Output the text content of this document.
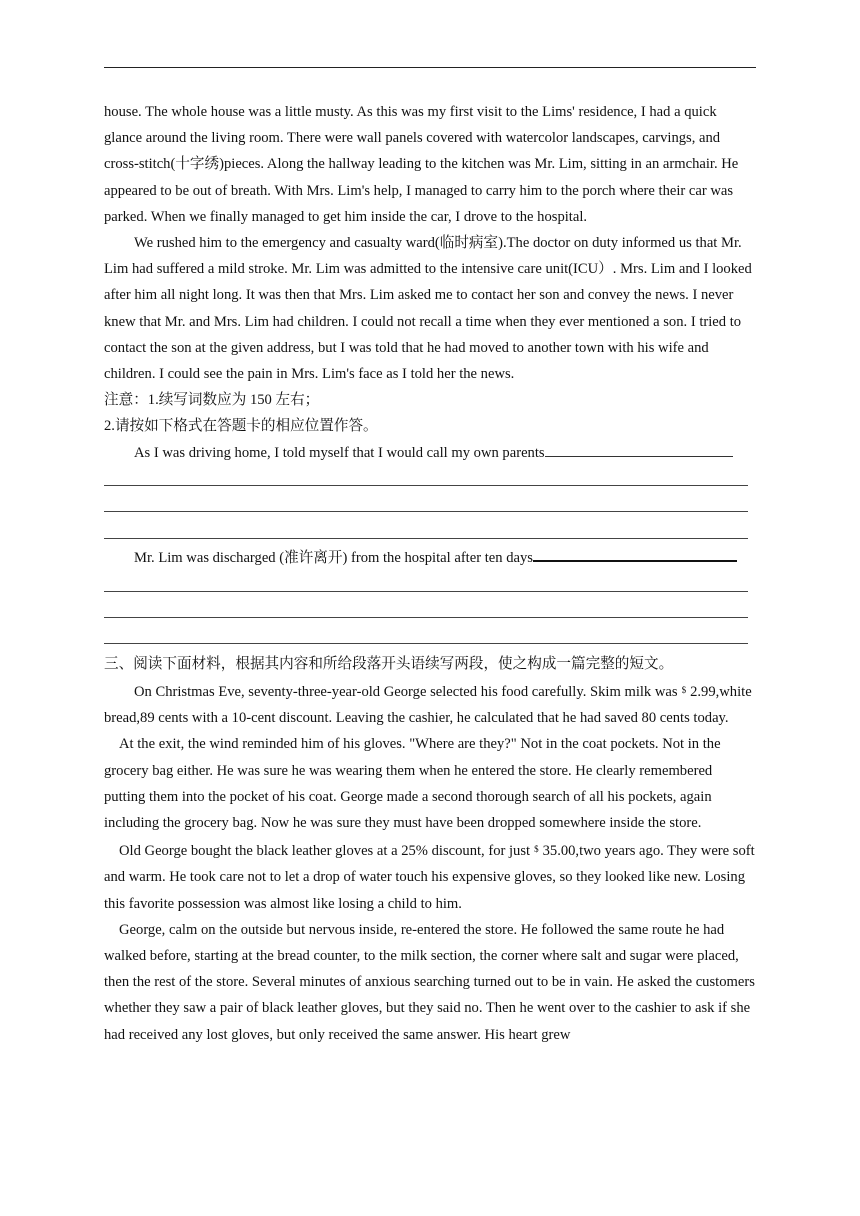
house. The whole house was a little musty. As this was my first visit to the Lims' residence, I had a quick glance around the living room. There were wall panels covered with watercolor landscapes, carvings, and cross-stitch(十字绣)pieces. Along the hallway leading to the kitchen was Mr. Lim, sitting in an armchair. He appeared to be out of breath. With Mrs. Lim's help, I managed to carry him to the porch where their car was parked. When we finally managed to get him inside the car, I drove to the hospital.

We rushed him to the emergency and casualty ward(临时病室).The doctor on duty informed us that Mr. Lim had suffered a mild stroke. Mr. Lim was admitted to the intensive care unit(ICU）. Mrs. Lim and I looked after him all night long. It was then that Mrs. Lim asked me to contact her son and convey the news. I never knew that Mr. and Mrs. Lim had children. I could not recall a time when they ever mentioned a son. I tried to contact the son at the given address, but I was told that he had moved to another town with his wife and children. I could see the pain in Mrs. Lim's face as I told her the news.

注意：1.续写词数应为 150 左右；

2.请按如下格式在答题卡的相应位置作答。

As I was driving home, I told myself that I would call my own parents
Mr. Lim was discharged (准许离开) from the hospital after ten days

三、阅读下面材料，根据其内容和所给段落开头语续写两段，使之构成一篇完整的短文。

On Christmas Eve, seventy-three-year-old George selected his food carefully. Skim milk was $ 2.99,white bread,89 cents with a 10-cent discount. Leaving the cashier, he calculated that he had saved 80 cents today.

At the exit, the wind reminded him of his gloves. "Where are they?" Not in the coat pockets. Not in the grocery bag either. He was sure he was wearing them when he entered the store. He clearly remembered putting them into the pocket of his coat. George made a second thorough search of all his pockets, again including the grocery bag. Now he was sure they must have been dropped somewhere inside the store.

Old George bought the black leather gloves at a 25% discount, for just $ 35.00,two years ago. They were soft and warm. He took care not to let a drop of water touch his expensive gloves, so they looked like new. Losing this favorite possession was almost like losing a child to him.

George, calm on the outside but nervous inside, re-entered the store. He followed the same route he had walked before, starting at the bread counter, to the milk section, the corner where salt and sugar were placed, then the rest of the store. Several minutes of anxious searching turned out to be in vain. He asked the customers whether they saw a pair of black leather gloves, but they said no. Then he went over to the cashier to ask if she had received any lost gloves, but only received the same answer. His heart grew
